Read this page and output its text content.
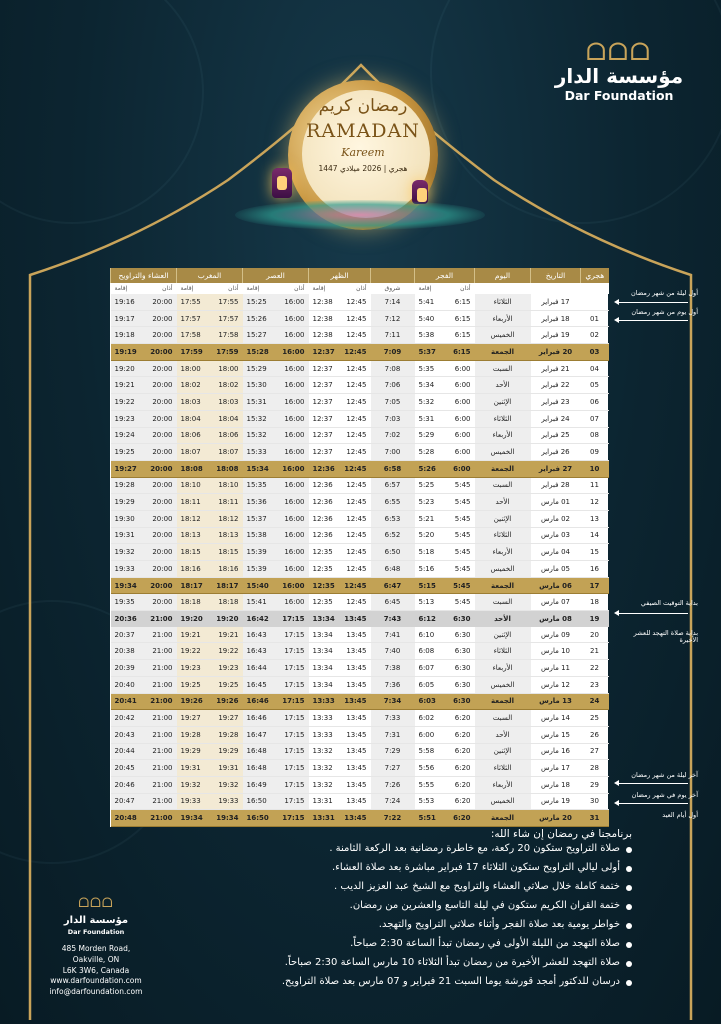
ᗝᗝᗝ
مؤسسة الدار
Dar Foundation
رمضان كريم
RAMADAN
Kareem
1447 هجري | 2026 ميلادي
هجري	التاريخ	اليوم	الفجر		الظهر	العصر	المغرب	العشاء والتراويح

			إقامة أذان	شروق	إقامة أذان	إقامة أذان	إقامة أذان	إقامة أذان

	17 فبراير	الثلاثاء	5:41 6:15	7:14	12:38 12:45	15:25 16:00	17:55 17:55	19:16 20:00

01	18 فبراير	الأربعاء	5:40 6:15	7:12	12:38 12:45	15:26 16:00	17:57 17:57	19:17 20:00

02	19 فبراير	الخميس	5:38 6:15	7:11	12:38 12:45	15:27 16:00	17:58 17:58	19:18 20:00

03	20 فبراير	الجمعة	5:37 6:15	7:09	12:37 12:45	15:28 16:00	17:59 17:59	19:19 20:00

04	21 فبراير	السبت	5:35 6:00	7:08	12:37 12:45	15:29 16:00	18:00 18:00	19:20 20:00

05	22 فبراير	الأحد	5:34 6:00	7:06	12:37 12:45	15:30 16:00	18:02 18:02	19:21 20:00

06	23 فبراير	الإثنين	5:32 6:00	7:05	12:37 12:45	15:31 16:00	18:03 18:03	19:22 20:00

07	24 فبراير	الثلاثاء	5:31 6:00	7:03	12:37 12:45	15:32 16:00	18:04 18:04	19:23 20:00

08	25 فبراير	الأربعاء	5:29 6:00	7:02	12:37 12:45	15:32 16:00	18:06 18:06	19:24 20:00

09	26 فبراير	الخميس	5:28 6:00	7:00	12:37 12:45	15:33 16:00	18:07 18:07	19:25 20:00

10	27 فبراير	الجمعة	5:26 6:00	6:58	12:36 12:45	15:34 16:00	18:08 18:08	19:27 20:00

11	28 فبراير	السبت	5:25 5:45	6:57	12:36 12:45	15:35 16:00	18:10 18:10	19:28 20:00

12	01 مارس	الأحد	5:23 5:45	6:55	12:36 12:45	15:36 16:00	18:11 18:11	19:29 20:00

13	02 مارس	الإثنين	5:21 5:45	6:53	12:36 12:45	15:37 16:00	18:12 18:12	19:30 20:00

14	03 مارس	الثلاثاء	5:20 5:45	6:52	12:36 12:45	15:38 16:00	18:13 18:13	19:31 20:00

15	04 مارس	الأربعاء	5:18 5:45	6:50	12:35 12:45	15:39 16:00	18:15 18:15	19:32 20:00

16	05 مارس	الخميس	5:16 5:45	6:48	12:35 12:45	15:39 16:00	18:16 18:16	19:33 20:00

17	06 مارس	الجمعة	5:15 5:45	6:47	12:35 12:45	15:40 16:00	18:17 18:17	19:34 20:00

18	07 مارس	السبت	5:13 5:45	6:45	12:35 12:45	15:41 16:00	18:18 18:18	19:35 20:00

19	08 مارس	الأحد	6:12 6:30	7:43	13:34 13:45	16:42 17:15	19:20 19:20	20:36 21:00

20	09 مارس	الإثنين	6:10 6:30	7:41	13:34 13:45	16:43 17:15	19:21 19:21	20:37 21:00

21	10 مارس	الثلاثاء	6:08 6:30	7:40	13:34 13:45	16:43 17:15	19:22 19:22	20:38 21:00

22	11 مارس	الأربعاء	6:07 6:30	7:38	13:34 13:45	16:44 17:15	19:23 19:23	20:39 21:00

23	12 مارس	الخميس	6:05 6:30	7:36	13:34 13:45	16:45 17:15	19:25 19:25	20:40 21:00

24	13 مارس	الجمعة	6:03 6:30	7:34	13:33 13:45	16:46 17:15	19:26 19:26	20:41 21:00

25	14 مارس	السبت	6:02 6:20	7:33	13:33 13:45	16:46 17:15	19:27 19:27	20:42 21:00

26	15 مارس	الأحد	6:00 6:20	7:31	13:33 13:45	16:47 17:15	19:28 19:28	20:43 21:00

27	16 مارس	الإثنين	5:58 6:20	7:29	13:32 13:45	16:48 17:15	19:29 19:29	20:44 21:00

28	17 مارس	الثلاثاء	5:56 6:20	7:27	13:32 13:45	16:48 17:15	19:31 19:31	20:45 21:00

29	18 مارس	الأربعاء	5:55 6:20	7:26	13:32 13:45	16:49 17:15	19:32 19:32	20:46 21:00

30	19 مارس	الخميس	5:53 6:20	7:24	13:31 13:45	16:50 17:15	19:33 19:33	20:47 21:00

31	20 مارس	الجمعة	5:51 6:20	7:22	13:31 13:45	16:50 17:15	19:34 19:34	20:48 21:00
أول ليلة من شهر رمضان
أول يوم من شهر رمضان
بداية التوقيت الصيفي
بداية صلاة التهجد للعشر الأخيرة
آخر ليلة من شهر رمضان
آخر يوم في شهر رمضان
أول أيام العيد
برنامجنا في رمضان إن شاء الله:
صلاة التراويح ستكون 20 ركعة، مع خاطرة رمضانية بعد الركعة الثامنة .
أولى ليالي التراويح ستكون الثلاثاء 17 فبراير مباشرة بعد صلاة العشاء.
ختمة كاملة خلال صلاتي العشاء والتراويح مع الشيخ عبد العزيز الديب .
ختمة القران الكريم ستكون في ليلة التاسع والعشرين من رمضان.
خواطر يومية بعد صلاة الفجر وأثناء صلاتي التراويح والتهجد.
صلاة التهجد من الليلة الأولى في رمضان تبدأ الساعة 2:30 صباحاً.
صلاة التهجد للعشر الأخيرة من رمضان تبدأ الثلاثاء 10 مارس الساعة 2:30 صباحاً.
درسان للدكتور أمجد قورشة يوما السبت 21 فبراير و 07 مارس بعد صلاة التراويح.
ᗝᗝᗝ
مؤسسة الدار
Dar Foundation
485 Morden Road,
Oakville, ON
L6K 3W6, Canada
www.darfoundation.com
info@darfoundation.com
